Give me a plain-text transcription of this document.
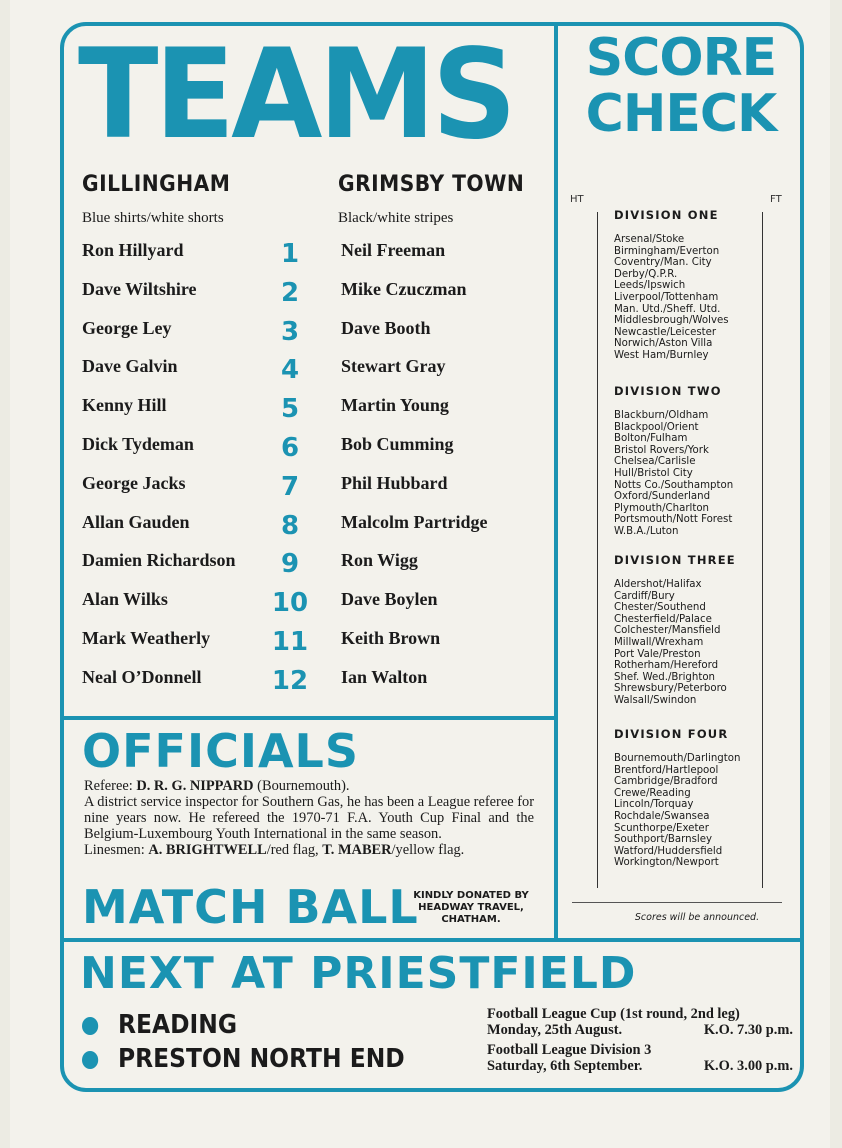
TEAMS
GILLINGHAM
Blue shirts/white shorts
GRIMSBY TOWN
Black/white stripes
Ron Hillyard	1	Neil Freeman
Dave Wiltshire	2	Mike Czuczman
George Ley	3	Dave Booth
Dave Galvin	4	Stewart Gray
Kenny Hill	5	Martin Young
Dick Tydeman	6	Bob Cumming
George Jacks	7	Phil Hubbard
Allan Gauden	8	Malcolm Partridge
Damien Richardson	9	Ron Wigg
Alan Wilks	10	Dave Boylen
Mark Weatherly	11	Keith Brown
Neal O’Donnell	12	Ian Walton
SCORE
CHECK
HT	FT
DIVISION ONE
Arsenal/Stoke
Birmingham/Everton
Coventry/Man. City
Derby/Q.P.R.
Leeds/Ipswich
Liverpool/Tottenham
Man. Utd./Sheff. Utd.
Middlesbrough/Wolves
Newcastle/Leicester
Norwich/Aston Villa
West Ham/Burnley
DIVISION TWO
Blackburn/Oldham
Blackpool/Orient
Bolton/Fulham
Bristol Rovers/York
Chelsea/Carlisle
Hull/Bristol City
Notts Co./Southampton
Oxford/Sunderland
Plymouth/Charlton
Portsmouth/Nott Forest
W.B.A./Luton
DIVISION THREE
Aldershot/Halifax
Cardiff/Bury
Chester/Southend
Chesterfield/Palace
Colchester/Mansfield
Millwall/Wrexham
Port Vale/Preston
Rotherham/Hereford
Shef. Wed./Brighton
Shrewsbury/Peterboro
Walsall/Swindon
DIVISION FOUR
Bournemouth/Darlington
Brentford/Hartlepool
Cambridge/Bradford
Crewe/Reading
Lincoln/Torquay
Rochdale/Swansea
Scunthorpe/Exeter
Southport/Barnsley
Watford/Huddersfield
Workington/Newport
Scores will be announced.
OFFICIALS
Referee: D. R. G. NIPPARD (Bournemouth).
A district service inspector for Southern Gas, he has been a League referee for nine years now. He refereed the 1970-71 F.A. Youth Cup Final and the Belgium-Luxembourg Youth International in the same season.
Linesmen: A. BRIGHTWELL/red flag, T. MABER/yellow flag.
MATCH BALL
KINDLY DONATED BY
HEADWAY TRAVEL,
CHATHAM.
NEXT AT PRIESTFIELD
READING
PRESTON NORTH END
Football League Cup (1st round, 2nd leg)
Monday, 25th August.	K.O. 7.30 p.m.
Football League Division 3
Saturday, 6th September.	K.O. 3.00 p.m.
